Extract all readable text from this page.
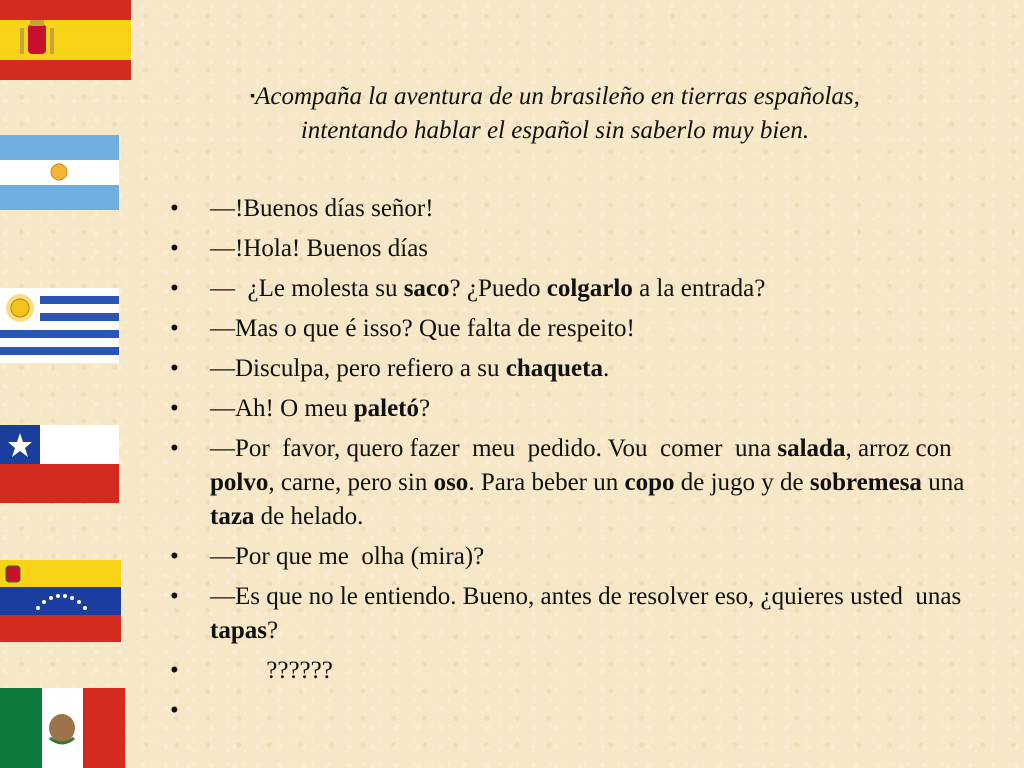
▪Acompaña la aventura de un brasileño en tierras españolas,
intentando hablar el español sin saberlo muy bien.
• —!Buenos días señor!
• —!Hola! Buenos días
• —  ¿Le molesta su saco? ¿Puedo colgarlo a la entrada?
• —Mas o que é isso? Que falta de respeito!
• —Disculpa, pero refiero a su chaqueta.
• —Ah! O meu paletó?
• —Por  favor, quero fazer  meu  pedido. Vou  comer  una salada, arroz con polvo, carne, pero sin oso. Para beber un copo de jugo y de sobremesa una taza de helado.
• —Por que me  olha (mira)?
• —Es que no le entiendo. Bueno, antes de resolver eso, ¿quieres usted  unas tapas?
• ??????
•
